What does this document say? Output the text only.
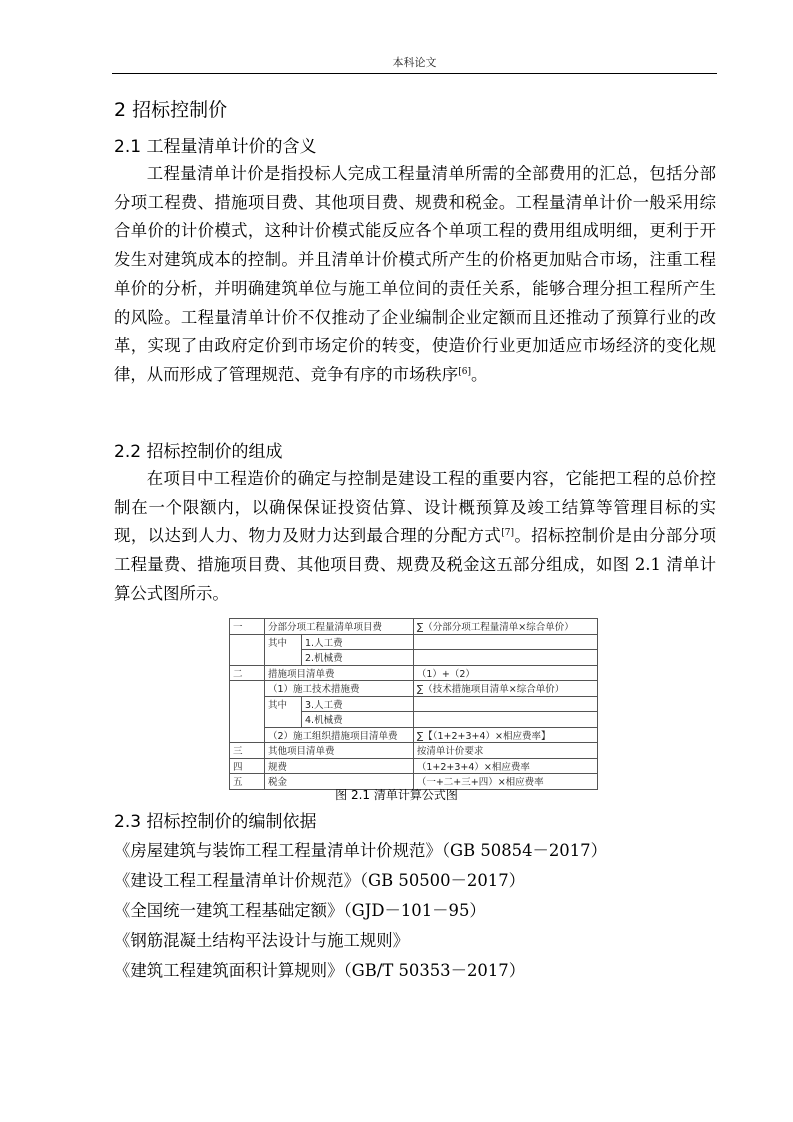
本科论文
2 招标控制价
2.1 工程量清单计价的含义

工程量清单计价是指投标人完成工程量清单所需的全部费用的汇总，包括分部分项工程费、措施项目费、其他项目费、规费和税金。工程量清单计价一般采用综合单价的计价模式，这种计价模式能反应各个单项工程的费用组成明细，更利于开发生对建筑成本的控制。并且清单计价模式所产生的价格更加贴合市场，注重工程单价的分析，并明确建筑单位与施工单位间的责任关系，能够合理分担工程所产生的风险。工程量清单计价不仅推动了企业编制企业定额而且还推动了预算行业的改革，实现了由政府定价到市场定价的转变，使造价行业更加适应市场经济的变化规律，从而形成了管理规范、竞争有序的市场秩序[6]。

2.2 招标控制价的组成

在项目中工程造价的确定与控制是建设工程的重要内容，它能把工程的总价控制在一个限额内，以确保保证投资估算、设计概预算及竣工结算等管理目标的实现，以达到人力、物力及财力达到最合理的分配方式[7]。招标控制价是由分部分项工程量费、措施项目费、其他项目费、规费及税金这五部分组成，如图 2.1 清单计算公式图所示。

一	分部分项工程量清单项目费		∑（分部分项工程量清单×综合单价）
	其中	1.人工费	
		2.机械费	
二	措施项目清单费		（1）+（2）
	（1）施工技术措施费		∑（技术措施项目清单×综合单价）
	其中	3.人工费	
		4.机械费	
	（2）施工组织措施项目清单费		∑【（1+2+3+4）×相应费率】
三	其他项目清单费		按清单计价要求
四	规费		（1+2+3+4）×相应费率
五	税金		（一+二+三+四）×相应费率
图 2.1 清单计算公式图
2.3 招标控制价的编制依据
《房屋建筑与装饰工程工程量清单计价规范》（GB 50854－2017）
《建设工程工程量清单计价规范》（GB 50500－2017）
《全国统一建筑工程基础定额》（GJD－101－95）
《钢筋混凝土结构平法设计与施工规则》
《建筑工程建筑面积计算规则》（GB/T 50353－2017）
